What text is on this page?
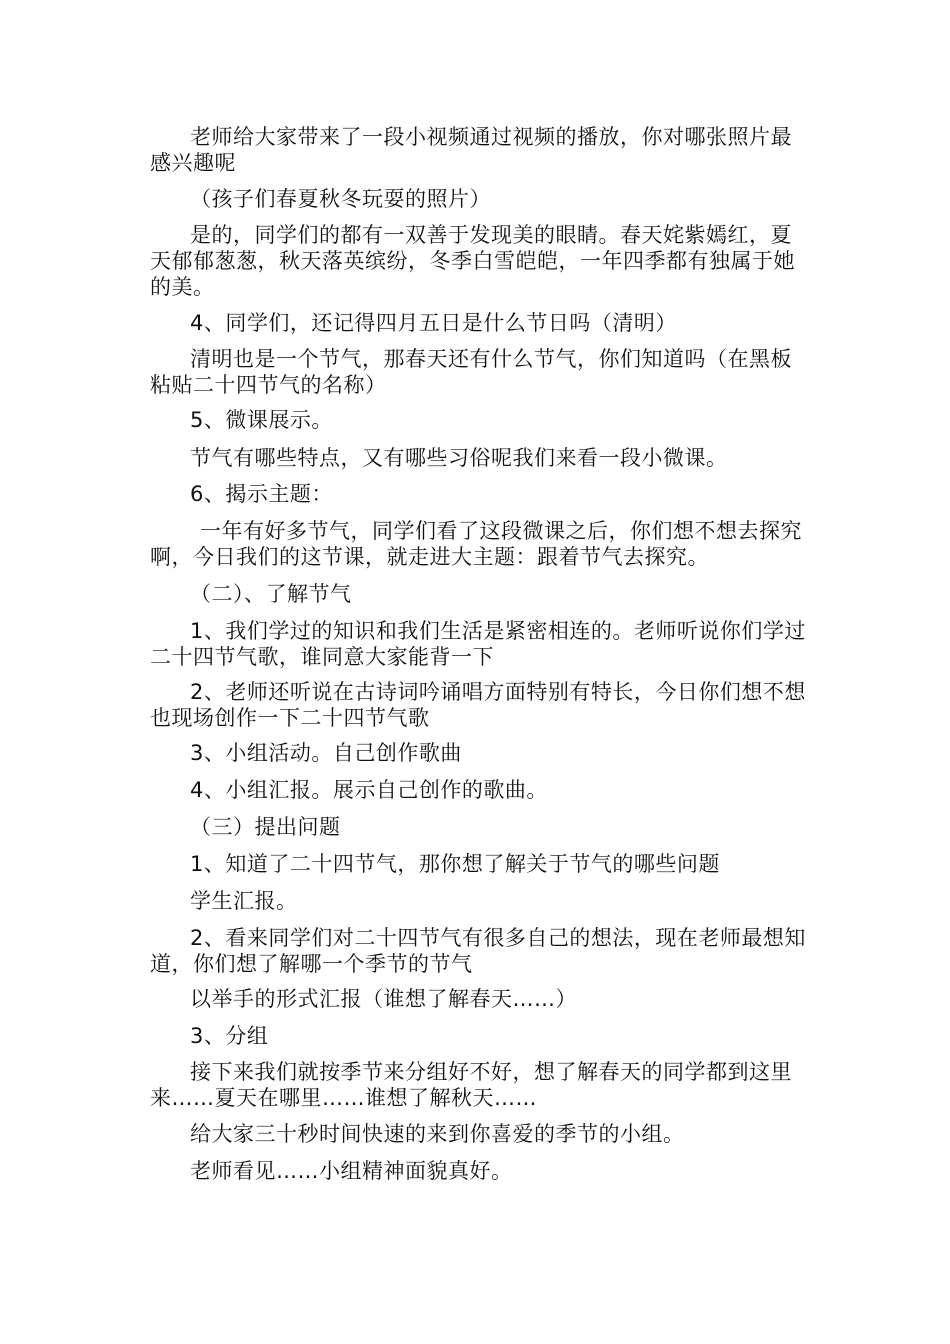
老师给大家带来了一段小视频通过视频的播放，你对哪张照片最感兴趣呢

（孩子们春夏秋冬玩耍的照片）

是的，同学们的都有一双善于发现美的眼睛。春天姹紫嫣红，夏天郁郁葱葱，秋天落英缤纷，冬季白雪皑皑，一年四季都有独属于她的美。

4、同学们，还记得四月五日是什么节日吗（清明）

清明也是一个节气，那春天还有什么节气，你们知道吗（在黑板粘贴二十四节气的名称）

5、微课展示。

节气有哪些特点，又有哪些习俗呢我们来看一段小微课。

6、揭示主题：

一年有好多节气，同学们看了这段微课之后，你们想不想去探究啊，今日我们的这节课，就走进大主题：跟着节气去探究。

（二）、了解节气

1、我们学过的知识和我们生活是紧密相连的。老师听说你们学过二十四节气歌，谁同意大家能背一下

2、老师还听说在古诗词吟诵唱方面特别有特长，今日你们想不想也现场创作一下二十四节气歌

3、小组活动。自己创作歌曲

4、小组汇报。展示自己创作的歌曲。

（三）提出问题

1、知道了二十四节气，那你想了解关于节气的哪些问题

学生汇报。

2、看来同学们对二十四节气有很多自己的想法，现在老师最想知道，你们想了解哪一个季节的节气

以举手的形式汇报（谁想了解春天……）

3、分组

接下来我们就按季节来分组好不好，想了解春天的同学都到这里来……夏天在哪里……谁想了解秋天……

给大家三十秒时间快速的来到你喜爱的季节的小组。

老师看见……小组精神面貌真好。
